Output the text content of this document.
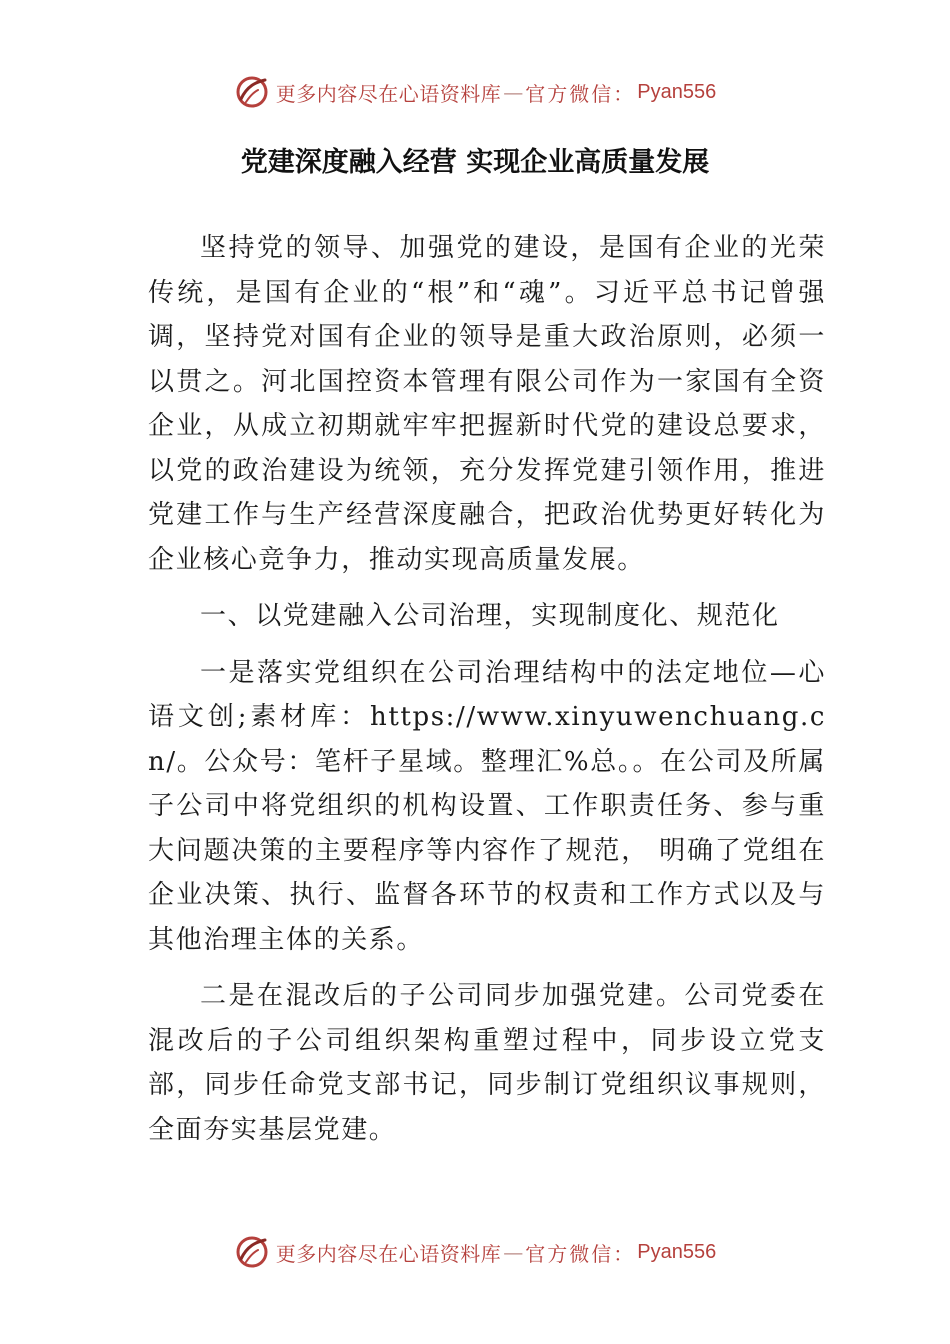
更多内容尽在心语资料库 — 官方微信 ： Pyan556
党建深度融入经营 实现企业高质量发展

坚持党的领导、加强党的建设，是国有企业的光荣传统，是国有企业的“根”和“魂”。习近平总书记曾强调，坚持党对国有企业的领导是重大政治原则，必须一以贯之。河北国控资本管理有限公司作为一家国有全资企业，从成立初期就牢牢把握新时代党的建设总要求，以党的政治建设为统领，充分发挥党建引领作用，推进党建工作与生产经营深度融合，把政治优势更好转化为企业核心竞争力，推动实现高质量发展。

一、以党建融入公司治理，实现制度化、规范化

一是落实党组织在公司治理结构中的法定地位—心语文创;素材库：https://www.xinyuwenchuang.cn/。公众号：笔杆子星域。整理汇%总。。在公司及所属子公司中将党组织的机构设置、工作职责任务、参与重大问题决策的主要程序等内容作了规范， 明确了党组在企业决策、执行、监督各环节的权责和工作方式以及与其他治理主体的关系。

二是在混改后的子公司同步加强党建。公司党委在混改后的子公司组织架构重塑过程中，同步设立党支部，同步任命党支部书记，同步制订党组织议事规则，全面夯实基层党建。

更多内容尽在心语资料库 — 官方微信 ： Pyan556
